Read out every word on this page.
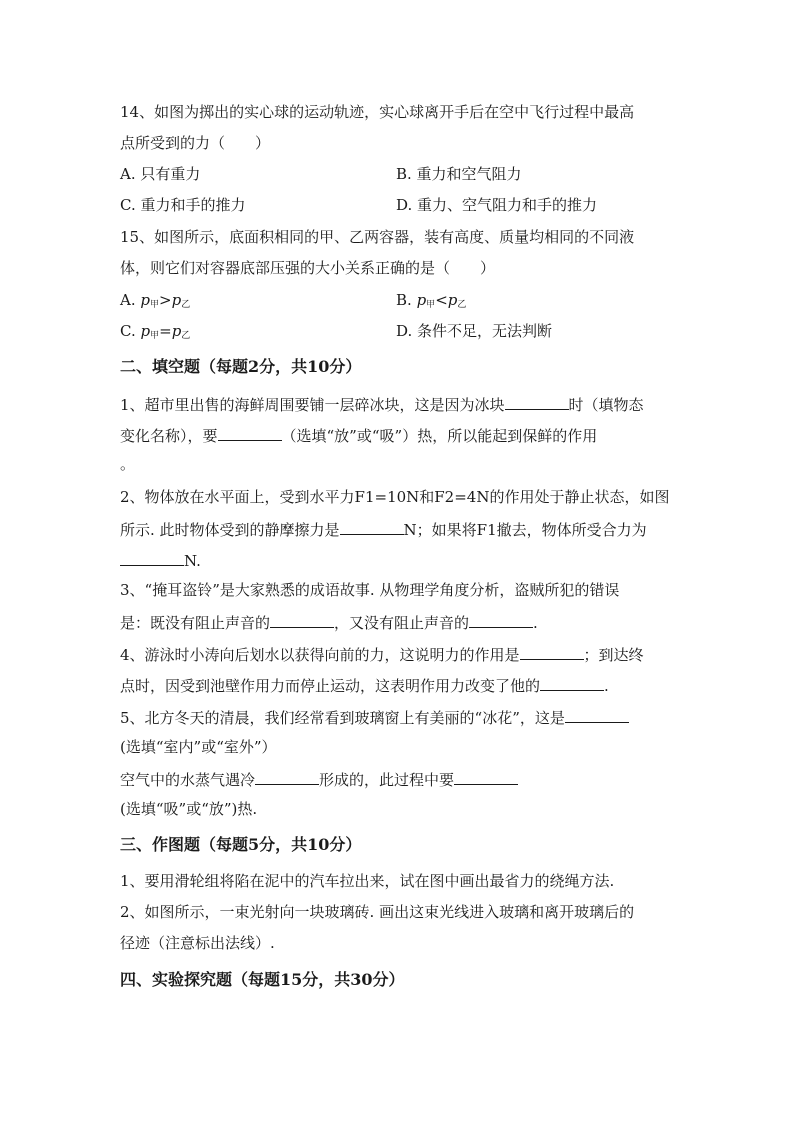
14、如图为掷出的实心球的运动轨迹，实心球离开手后在空中飞行过程中最高
点所受到的力（　　）
A. 只有重力	B. 重力和空气阻力
C. 重力和手的推力	D. 重力、空气阻力和手的推力
15、如图所示，底面积相同的甲、乙两容器，装有高度、质量均相同的不同液
体，则它们对容器底部压强的大小关系正确的是（　　）
A. $p_甲>p_乙$	B. $p_甲<p_乙$
C. $p_甲=p_乙$	D. 条件不足，无法判断
二、填空题（每题2分，共10分）
1、超市里出售的海鲜周围要铺一层碎冰块，这是因为冰块	时（填物态
变化名称），要	（选填“放”或“吸”）热，所以能起到保鲜的作用
。
2、物体放在水平面上，受到水平力F1=10N和F2=4N的作用处于静止状态，如图
所示. 此时物体受到的静摩擦力是	N；如果将F1撤去，物体所受合力为
N.
3、“掩耳盗铃”是大家熟悉的成语故事. 从物理学角度分析，盗贼所犯的错误
是：既没有阻止声音的	，又没有阻止声音的	.
4、游泳时小涛向后划水以获得向前的力，这说明力的作用是	；到达终
点时，因受到池壁作用力而停止运动，这表明作用力改变了他的	.
5、北方冬天的清晨，我们经常看到玻璃窗上有美丽的“冰花”，这是
(选填“室内”或“室外”）
空气中的水蒸气遇冷	形成的，此过程中要
(选填“吸”或“放”)热.
三、作图题（每题5分，共10分）
1、要用滑轮组将陷在泥中的汽车拉出来，试在图中画出最省力的绕绳方法.
2、如图所示，一束光射向一块玻璃砖. 画出这束光线进入玻璃和离开玻璃后的
径迹（注意标出法线）.
四、实验探究题（每题15分，共30分）
